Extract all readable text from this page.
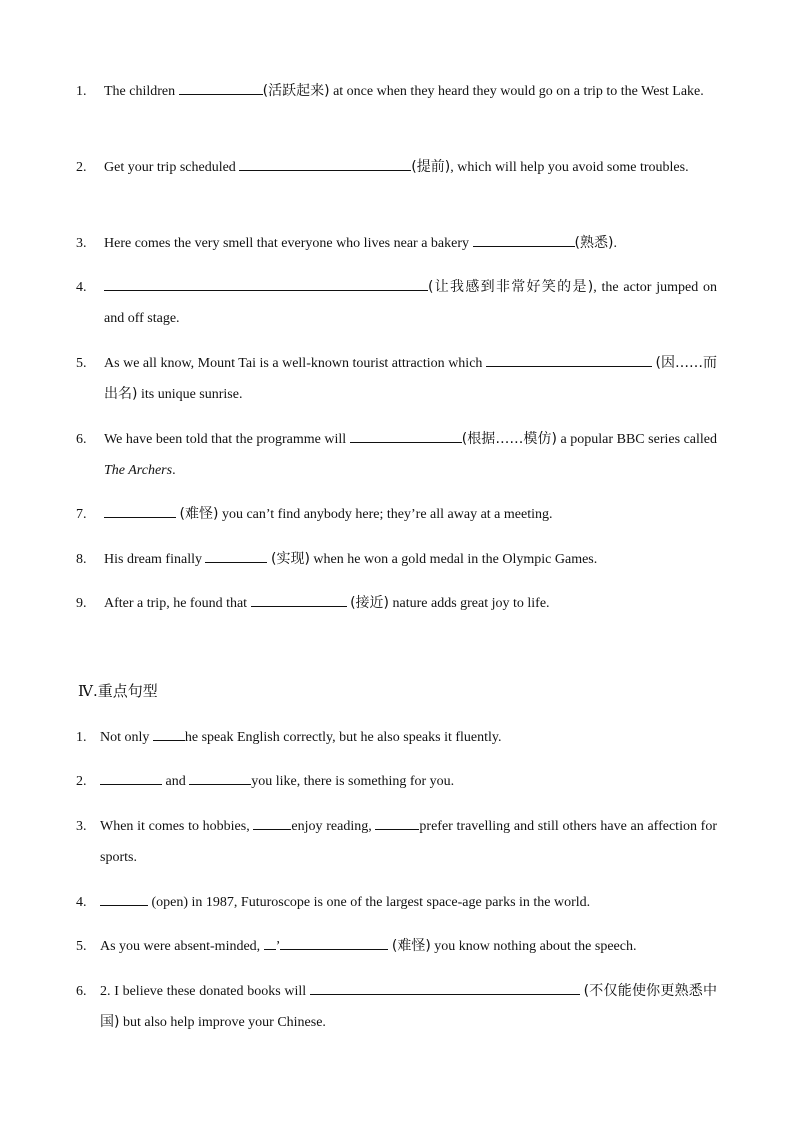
1. The children	(活跃起来) at once when they heard they would go on a trip to the West Lake.
2. Get your trip scheduled	(提前), which will help you avoid some troubles.
3. Here comes the very smell that everyone who lives near a bakery	(熟悉).
4.	(让我感到非常好笑的是), the actor jumped on and off stage.
5. As we all know, Mount Tai is a well-known tourist attraction which	(因……而出名) its unique sunrise.
6. We have been told that the programme will	(根据……模仿) a popular BBC series called The Archers.
7.	(难怪) you can’t find anybody here; they’re all away at a meeting.
8. His dream finally	(实现) when he won a gold medal in the Olympic Games.
9. After a trip, he found that	(接近) nature adds great joy to life.
Ⅳ.重点句型
1. Not only	he speak English correctly, but he also speaks it fluently.
2.	and	you like, there is something for you.
3. When it comes to hobbies,	enjoy reading,	prefer travelling and still others have an affection for sports.
4.	(open) in 1987, Futuroscope is one of the largest space-age parks in the world.
5. As you were absent-minded, ’	(难怪) you know nothing about the speech.
6. 2. I believe these donated books will	(不仅能使你更熟悉中国) but also help improve your Chinese.
